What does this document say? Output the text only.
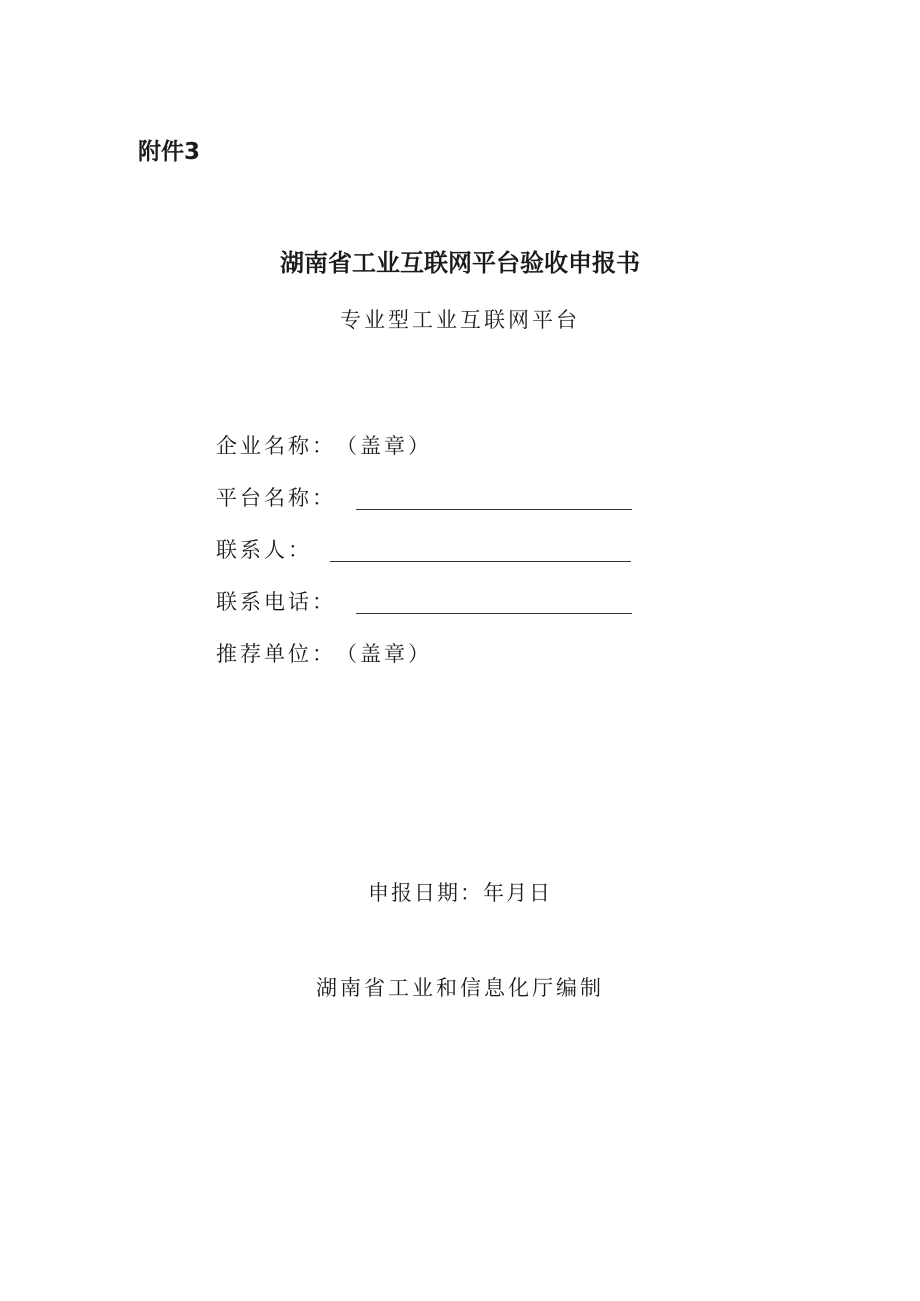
附件3
湖南省工业互联网平台验收申报书
专业型工业互联网平台
企业名称： （盖章）
平台名称：
联系人：
联系电话：
推荐单位： （盖章）
申报日期：年月日
湖南省工业和信息化厅编制
